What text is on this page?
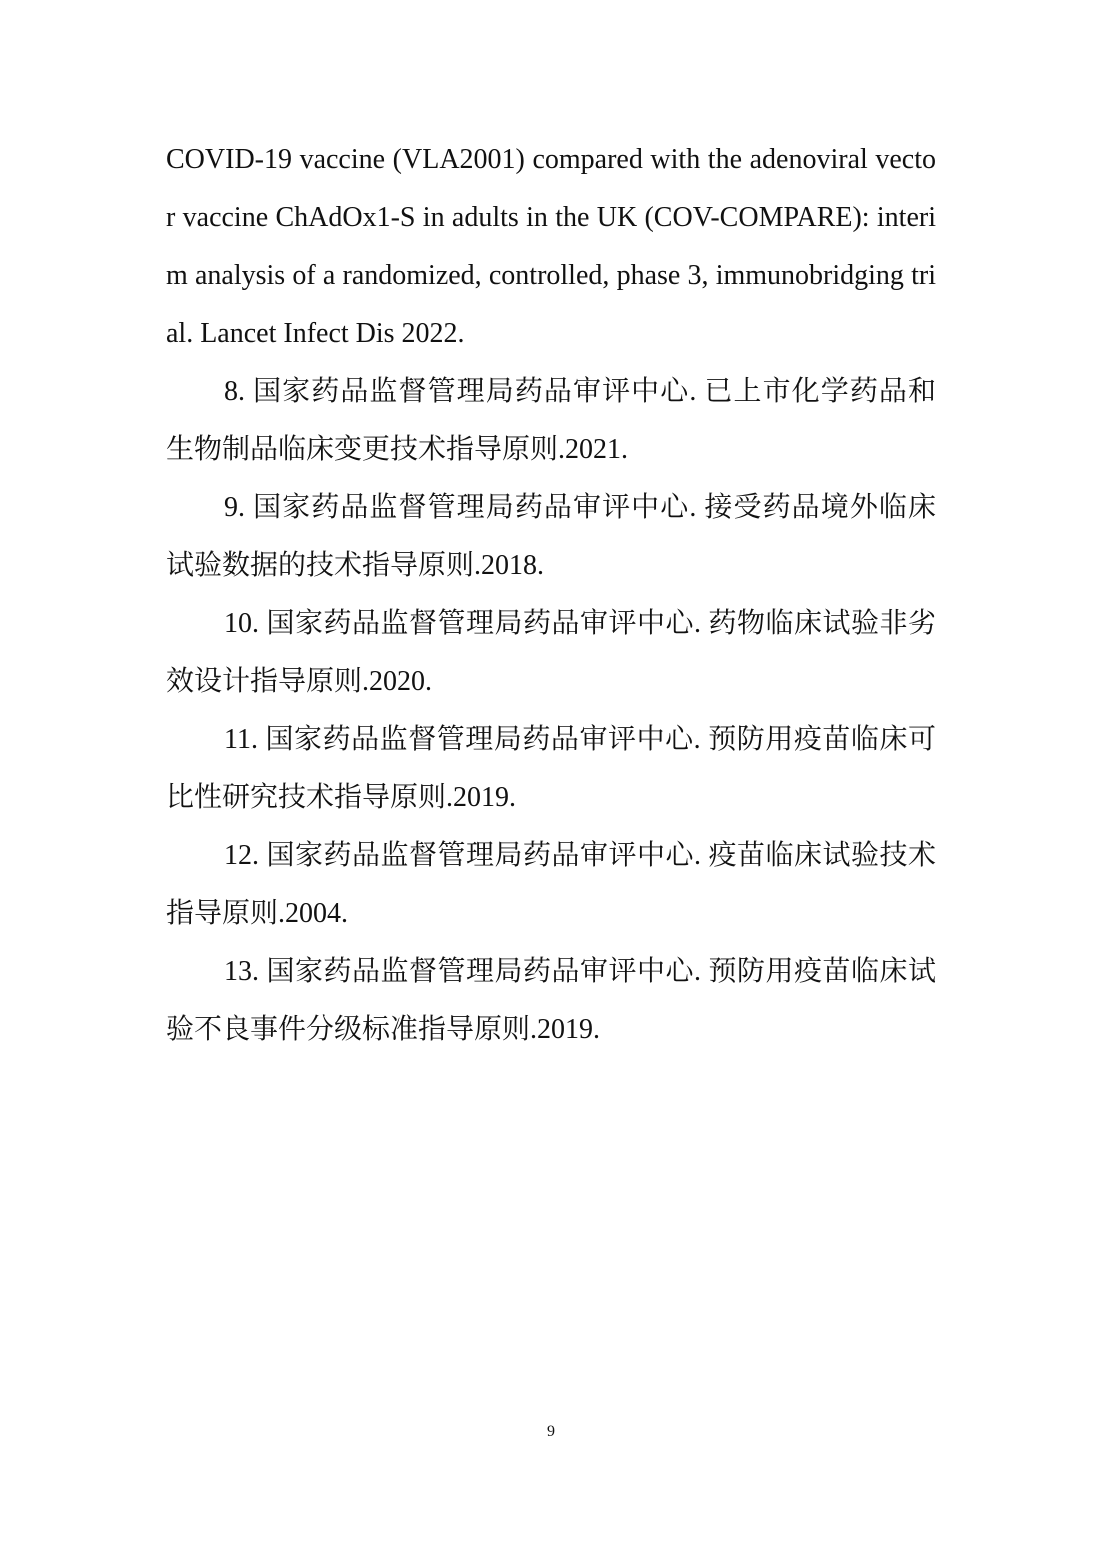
COVID-19 vaccine (VLA2001) compared with the adenoviral vector vaccine ChAdOx1-S in adults in the UK (COV-COMPARE): interim analysis of a randomized, controlled, phase 3, immunobridging trial. Lancet Infect Dis 2022.

8. 国家药品监督管理局药品审评中心. 已上市化学药品和生物制品临床变更技术指导原则.2021.

9. 国家药品监督管理局药品审评中心. 接受药品境外临床试验数据的技术指导原则.2018.

10. 国家药品监督管理局药品审评中心. 药物临床试验非劣效设计指导原则.2020.

11. 国家药品监督管理局药品审评中心. 预防用疫苗临床可比性研究技术指导原则.2019.

12. 国家药品监督管理局药品审评中心. 疫苗临床试验技术指导原则.2004.

13. 国家药品监督管理局药品审评中心. 预防用疫苗临床试验不良事件分级标准指导原则.2019.

9
